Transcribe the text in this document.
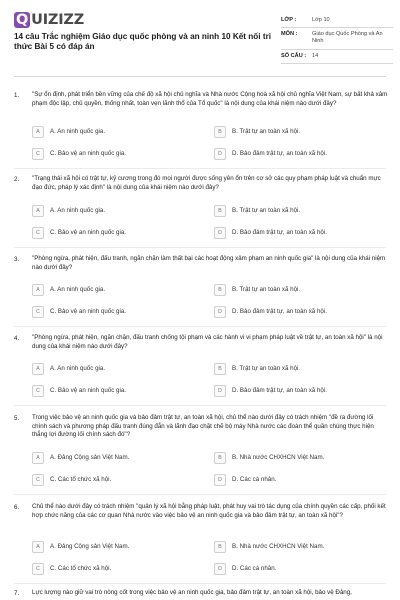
Q UIZIZZ
14 câu Trắc nghiệm Giáo dục quốc phòng và an ninh 10 Kết nối tri thức Bài 5 có đáp án
LỚP :	Lớp 10
MÔN :	Giáo dục Quốc Phòng và An Ninh
SỐ CÂU : 14
1. "Sự ổn định, phát triển bền vững của chế độ xã hội chủ nghĩa và Nhà nước Cộng hoà xã hội chủ nghĩa Việt Nam, sự bất khả xâm phạm độc lập, chủ quyền, thống nhất, toàn vẹn lãnh thổ của Tổ quốc" là nội dung của khái niệm nào dưới đây?
A	A. An ninh quốc gia.	B	B. Trật tự an toàn xã hội.
C	C. Bảo vệ an ninh quốc gia.	D	D. Bảo đảm trật tự, an toàn xã hội.
2. "Trạng thái xã hội có trật tự, kỷ cương trong đó mọi người được sống yên ổn trên cơ sở các quy phạm pháp luật và chuẩn mực đạo đức, pháp lý xác định" là nội dung của khái niệm nào dưới đây?
A	A. An ninh quốc gia.	B	B. Trật tự an toàn xã hội.
C	C. Bảo vệ an ninh quốc gia.	D	D. Bảo đảm trật tự, an toàn xã hội.
3. "Phòng ngừa, phát hiện, đấu tranh, ngăn chặn làm thất bại các hoạt động xâm phạm an ninh quốc gia" là nội dung của khái niệm nào dưới đây?
A	A. An ninh quốc gia.	B	B. Trật tự an toàn xã hội.
C	C. Bảo vệ an ninh quốc gia.	D	D. Bảo đảm trật tự, an toàn xã hội.
4. "Phòng ngừa, phát hiện, ngăn chặn, đấu tranh chống tội phạm và các hành vi vi phạm pháp luật về trật tự, an toàn xã hội" là nội dung của khái niệm nào dưới đây?
A	A. An ninh quốc gia.	B	B. Trật tự an toàn xã hội.
C	C. Bảo vệ an ninh quốc gia.	D	D. Bảo đảm trật tự, an toàn xã hội.
5. Trong việc bảo vệ an ninh quốc gia và bảo đảm trật tự, an toàn xã hội, chủ thể nào dưới đây có trách nhiệm "đề ra đường lối chính sách và phương pháp đấu tranh đúng đắn và lãnh đạo chặt chẽ bộ máy Nhà nước các đoàn thể quần chúng thực hiện thắng lợi đường lối chính sách đó"?
A	A. Đảng Cộng sản Việt Nam.	B	B. Nhà nước CHXHCN Việt Nam.
C	C. Các tổ chức xã hội.	D	D. Các cá nhân.
6. Chủ thể nào dưới đây có trách nhiệm "quản lý xã hội bằng pháp luật, phát huy vai trò tác dụng của chính quyền các cấp, phối kết hợp chức năng của các cơ quan Nhà nước vào việc bảo vệ an ninh quốc gia và bảo đảm trật tự, an toàn xã hội"?
A	A. Đảng Cộng sản Việt Nam.	B	B. Nhà nước CHXHCN Việt Nam.
C	C. Các tổ chức xã hội.	D	D. Các cá nhân.
7. Lực lượng nào giữ vai trò nòng cốt trong việc bảo vệ an ninh quốc gia, bảo đảm trật tự, an toàn xã hội, bảo vệ Đảng,
